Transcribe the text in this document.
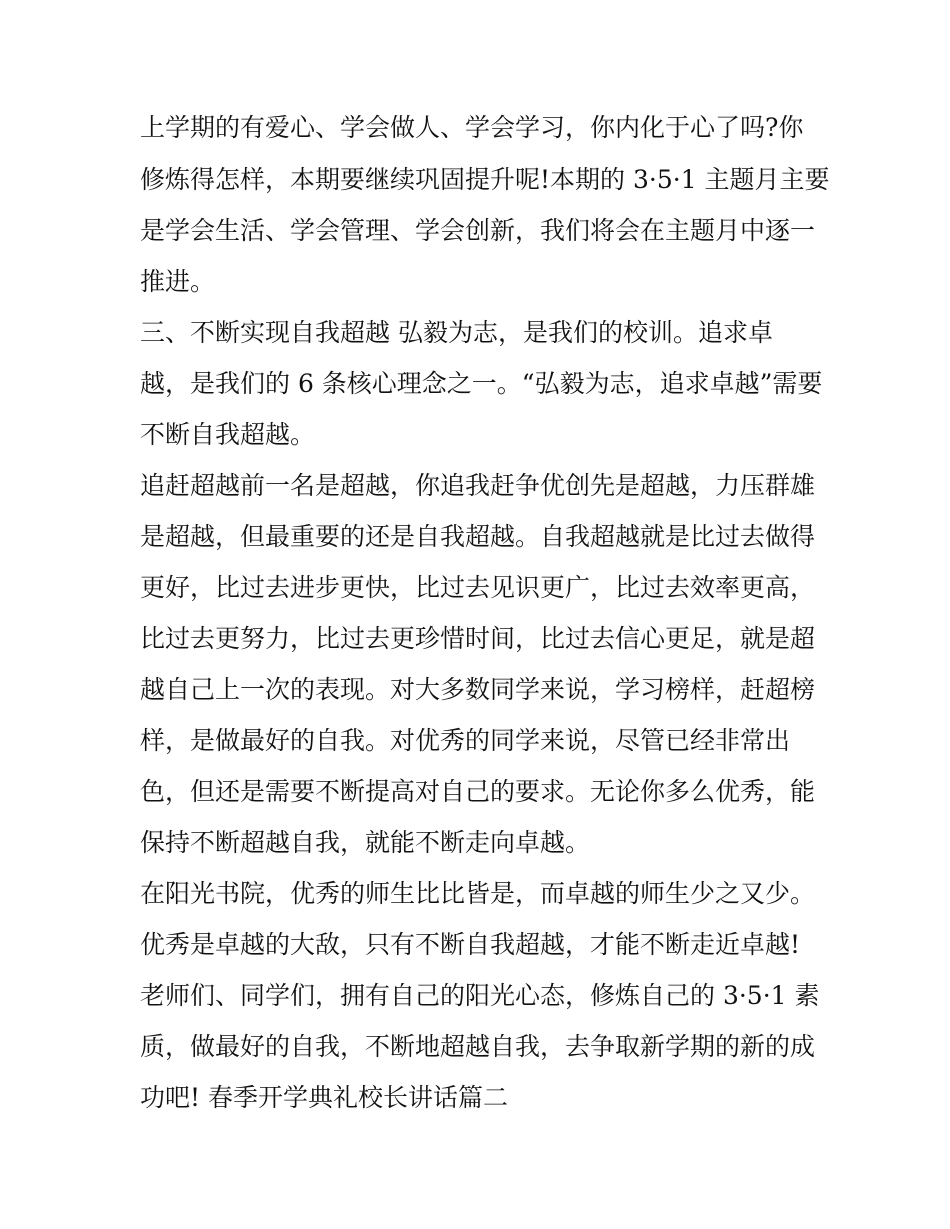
上学期的有爱心、学会做人、学会学习，你内化于心了吗?你
修炼得怎样，本期要继续巩固提升呢!本期的 3·5·1 主题月主要
是学会生活、学会管理、学会创新，我们将会在主题月中逐一
推进。
三、不断实现自我超越 弘毅为志，是我们的校训。追求卓
越，是我们的 6 条核心理念之一。“弘毅为志，追求卓越”需要
不断自我超越。
追赶超越前一名是超越，你追我赶争优创先是超越，力压群雄
是超越，但最重要的还是自我超越。自我超越就是比过去做得
更好，比过去进步更快，比过去见识更广，比过去效率更高，
比过去更努力，比过去更珍惜时间，比过去信心更足，就是超
越自己上一次的表现。对大多数同学来说，学习榜样，赶超榜
样，是做最好的自我。对优秀的同学来说，尽管已经非常出
色，但还是需要不断提高对自己的要求。无论你多么优秀，能
保持不断超越自我，就能不断走向卓越。
在阳光书院，优秀的师生比比皆是，而卓越的师生少之又少。
优秀是卓越的大敌，只有不断自我超越，才能不断走近卓越!
老师们、同学们，拥有自己的阳光心态，修炼自己的 3·5·1 素
质，做最好的自我，不断地超越自我，去争取新学期的新的成
功吧! 春季开学典礼校长讲话篇二
